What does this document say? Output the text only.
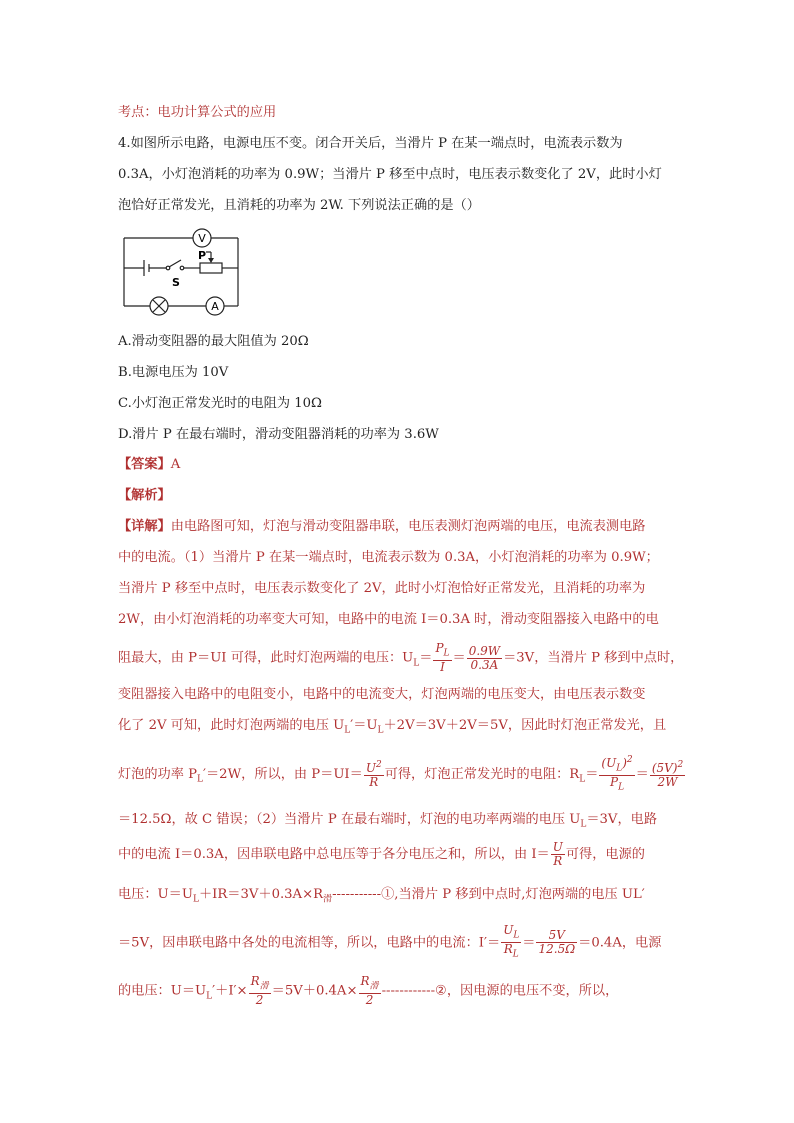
考点：电功计算公式的应用
4.如图所示电路，电源电压不变。闭合开关后，当滑片 P 在某一端点时，电流表示数为
0.3A，小灯泡消耗的功率为 0.9W；当滑片 P 移至中点时，电压表示数变化了 2V，此时小灯
泡恰好正常发光，且消耗的功率为 2W. 下列说法正确的是（）
V
P
S
A
A.滑动变阻器的最大阻值为 20Ω
B.电源电压为 10V
C.小灯泡正常发光时的电阻为 10Ω
D.滑片 P 在最右端时，滑动变阻器消耗的功率为 3.6W
【答案】A
【解析】
【详解】由电路图可知，灯泡与滑动变阻器串联，电压表测灯泡两端的电压，电流表测电路
中的电流。（1）当滑片 P 在某一端点时，电流表示数为 0.3A，小灯泡消耗的功率为 0.9W；
当滑片 P 移至中点时，电压表示数变化了 2V，此时小灯泡恰好正常发光，且消耗的功率为
2W，由小灯泡消耗的功率变大可知，电路中的电流 I＝0.3A 时，滑动变阻器接入电路中的电
阻最大，由 P＝UI 可得，此时灯泡两端的电压：$U_L= \frac{P_L}{I} = \frac{0.9W}{0.3A} =3V$，当滑片 P 移到中点时，
变阻器接入电路中的电阻变小，电路中的电流变大，灯泡两端的电压变大，由电压表示数变
化了 2V 可知，此时灯泡两端的电压 $U_L'=U_L+2V=3V+2V=5V$，因此时灯泡正常发光，且
灯泡的功率 $P_L'=2W$，所以，由 $P=UI= \frac{U^2}{R}$ 可得，灯泡正常发光时的电阻：$R_L= \frac{(U_L)^2}{P_L} = \frac{(5V)^2}{2W}$
＝12.5Ω，故 C 错误；（2）当滑片 P 在最右端时，灯泡的电功率两端的电压 $U_L=3V$，电路
中的电流 I＝0.3A，因串联电路中总电压等于各分电压之和，所以，由 $I= \frac{U}{R}$ 可得，电源的
电压：$U=U_L+IR=3V+0.3A\times R_滑-----------①$,当滑片 P 移到中点时,灯泡两端的电压 UL′
＝5V，因串联电路中各处的电流相等，所以，电路中的电流：$I'= \frac{U_L}{R_L} = \frac{5V}{12.5\Omega} =0.4A$，电源
的电压：$U=U_L'+I'\times \frac{R_滑}{2} =5V+0.4A\times \frac{R_滑}{2}$ ------------②，因电源的电压不变，所以，
